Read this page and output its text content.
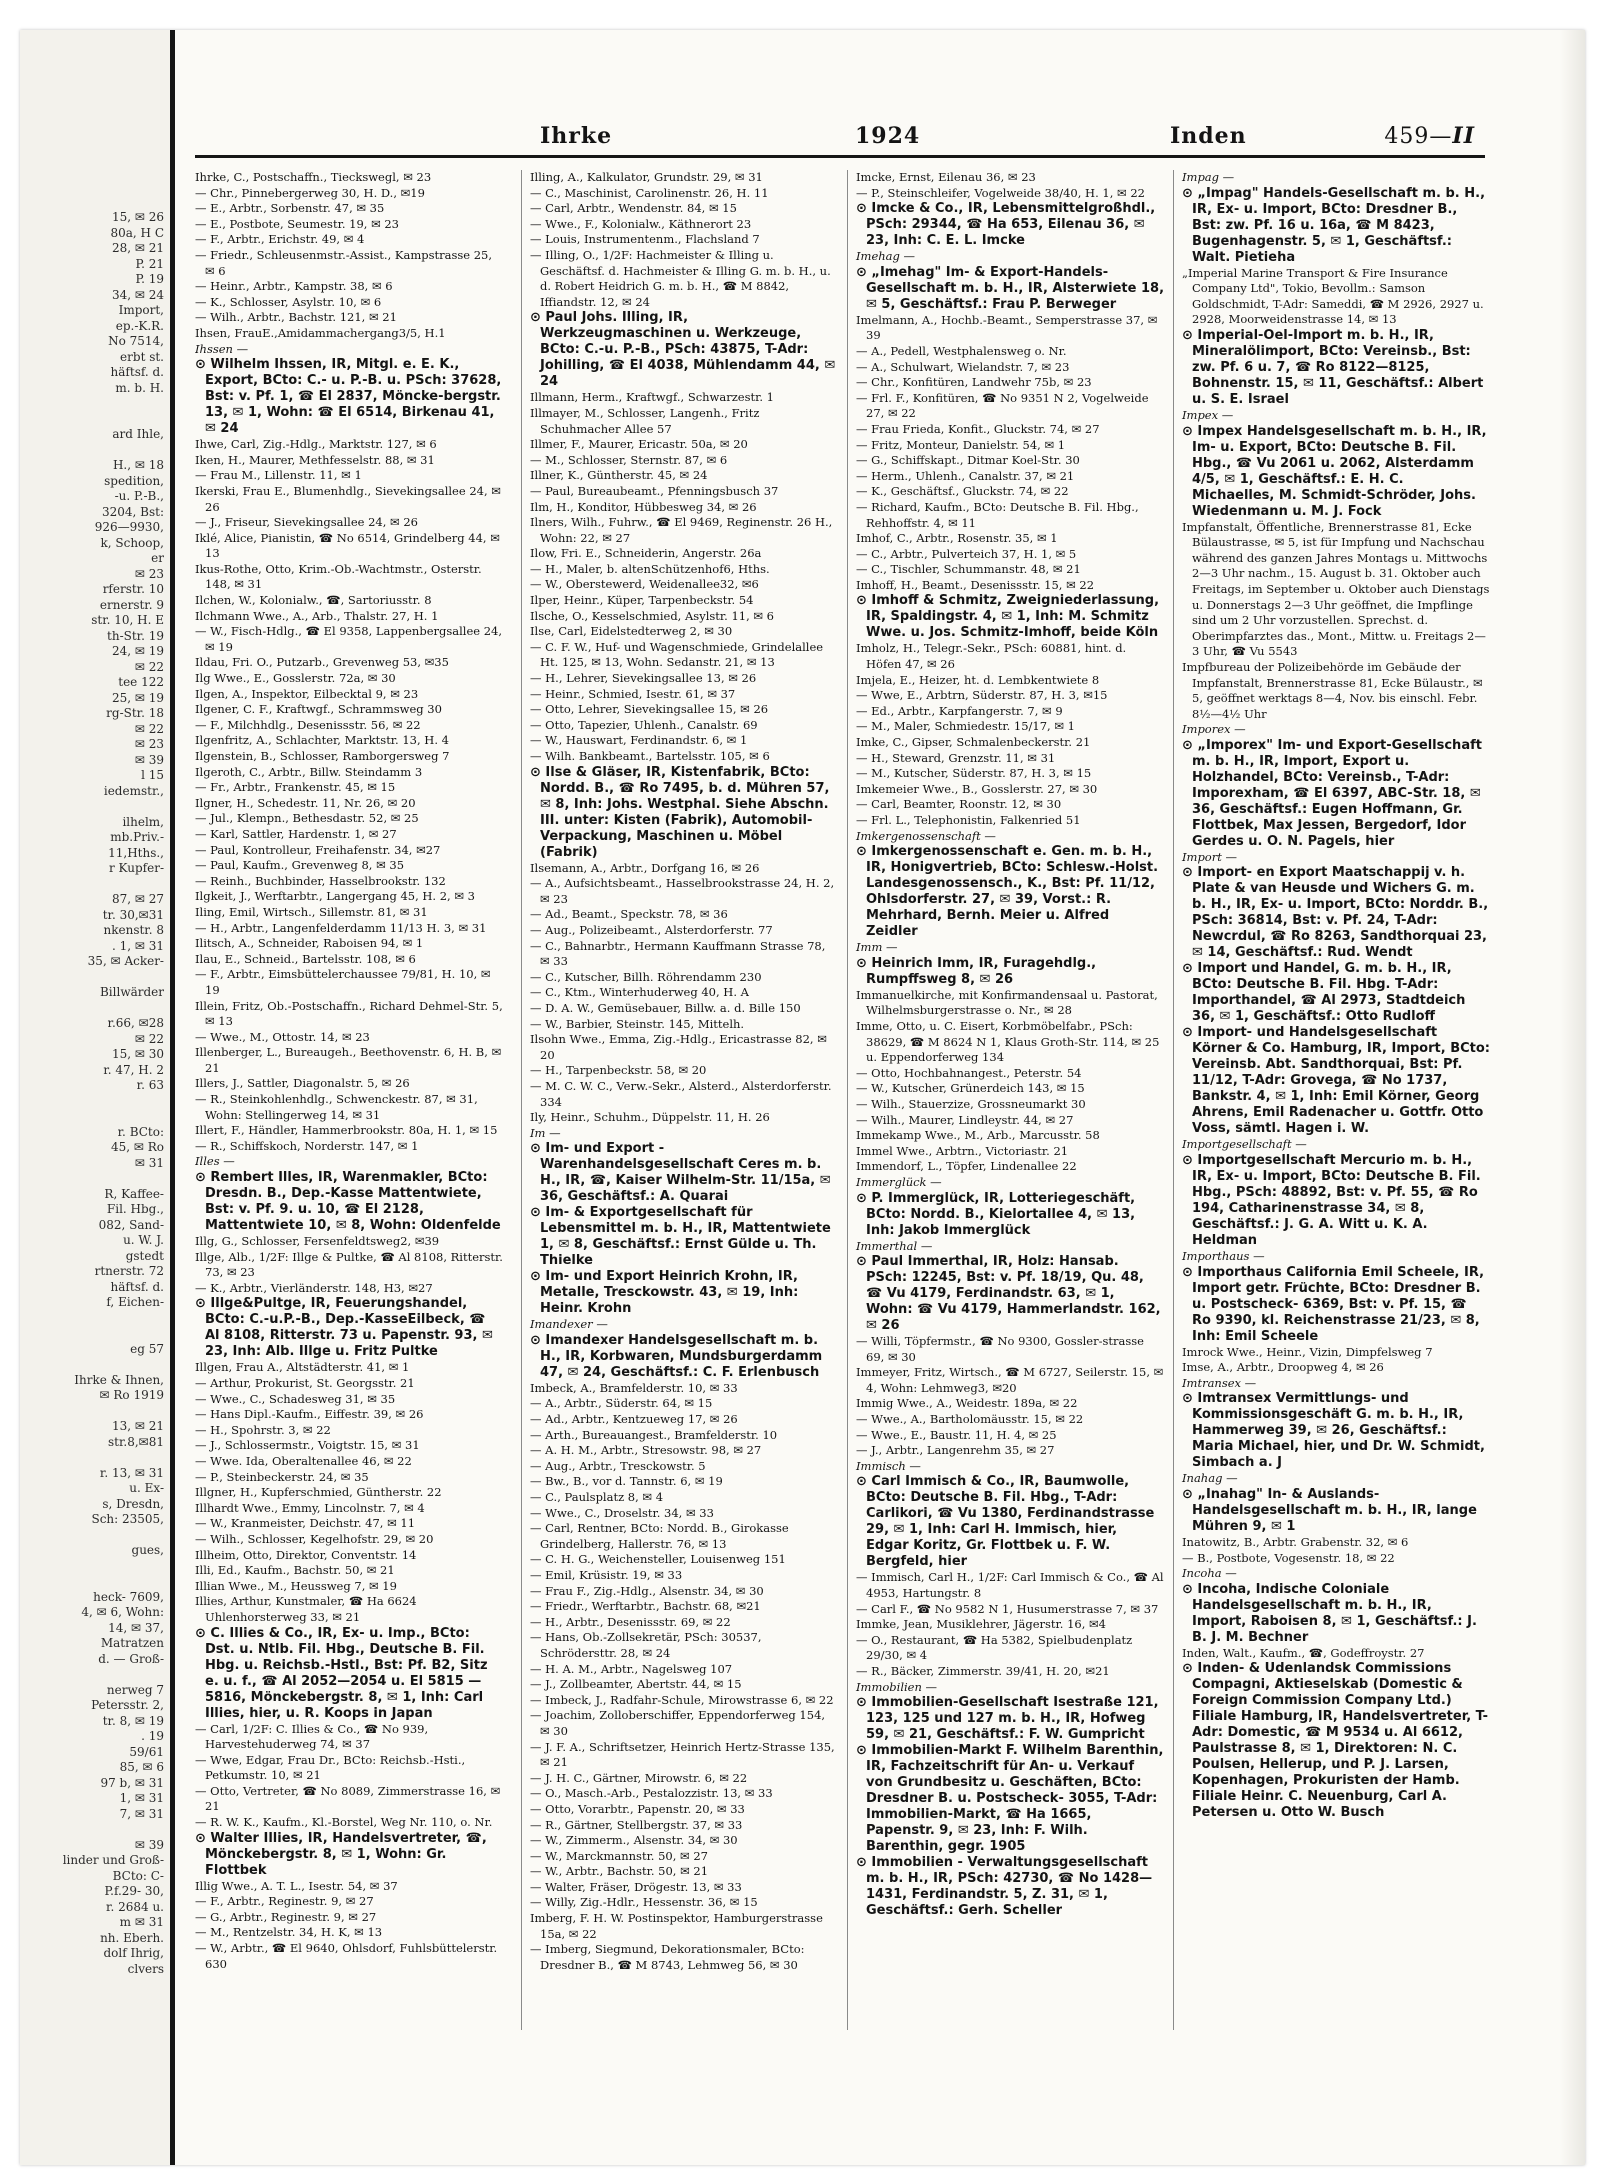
15, ✉ 26
80a, H C
28, ✉ 21
P. 21
P. 19
34, ✉ 24
Import,
ep.-K.R.
No 7514,
erbt st.
häftsf. d.
m. b. H.

ard Ihle,

H., ✉ 18
spedition,
-u. P.-B.,
3204, Bst:
926—9930,
k, Schoop,
er
✉ 23
rferstr. 10
ernerstr. 9
str. 10, H. E
th-Str. 19
24, ✉ 19
✉ 22
tee 122
25, ✉ 19
rg-Str. 18
✉ 22
✉ 23
✉ 39
l 15
iedemstr.,

ilhelm,
mb.Priv.-
11,Hths.,
r Kupfer-

87, ✉ 27
tr. 30,✉31
nkenstr. 8
. 1, ✉ 31
35, ✉ Acker-

Billwärder

r.66, ✉28
✉ 22
15, ✉ 30
r. 47, H. 2
r. 63

r. BCto:
45, ✉ Ro
✉ 31

R, Kaffee-
Fil. Hbg.,
082, Sand-
u. W. J.
gstedt
rtnerstr. 72
häftsf. d.
f, Eichen-

eg 57

Ihrke & Ihnen,
✉ Ro 1919

13, ✉ 21
str.8,✉81

r. 13, ✉ 31
u. Ex-
s, Dresdn,
Sch: 23505,

gues,

heck- 7609,
4, ✉ 6, Wohn:
14, ✉ 37,
Matratzen
d. — Groß-

nerweg 7
Petersstr. 2,
tr. 8, ✉ 19
. 19
59/61
85, ✉ 6
97 b, ✉ 31
1, ✉ 31
7, ✉ 31

✉ 39
linder und Groß-
BCto: C-
P.f.29- 30,
r. 2684 u.
m ✉ 31
nh. Eberh.
dolf Ihrig,
clvers
Ihrke	1924	Inden	459—II

Ihrke, C., Postschaffn., Tieckswegl, ✉ 23

— Chr., Pinnebergerweg 30, H. D., ✉19

— E., Arbtr., Sorbenstr. 47, ✉ 35

— E., Postbote, Seumestr. 19, ✉ 23

— F., Arbtr., Erichstr. 49, ✉ 4

— Friedr., Schleusenmstr.-Assist., Kampstrasse 25, ✉ 6

— Heinr., Arbtr., Kampstr. 38, ✉ 6

— K., Schlosser, Asylstr. 10, ✉ 6

— Wilh., Arbtr., Bachstr. 121, ✉ 21

Ihsen, FrauE.,Amidammachergang3/5, H.1

Ihssen —

⊙ Wilhelm Ihssen, IR, Mitgl. e. E. K., Export, BCto: C.- u. P.-B. u. PSch: 37628, Bst: v. Pf. 1, ☎ El 2837, Möncke-bergstr. 13, ✉ 1, Wohn: ☎ El 6514, Birkenau 41, ✉ 24

Ihwe, Carl, Zig.-Hdlg., Marktstr. 127, ✉ 6

Iken, H., Maurer, Methfesselstr. 88, ✉ 31

— Frau M., Lillenstr. 11, ✉ 1

Ikerski, Frau E., Blumenhdlg., Sievekingsallee 24, ✉ 26

— J., Friseur, Sievekingsallee 24, ✉ 26

Iklé, Alice, Pianistin, ☎ No 6514, Grindelberg 44, ✉ 13

Ikus-Rothe, Otto, Krim.-Ob.-Wachtmstr., Osterstr. 148, ✉ 31

Ilchen, W., Kolonialw., ☎, Sartoriusstr. 8

Ilchmann Wwe., A., Arb., Thalstr. 27, H. 1

— W., Fisch-Hdlg., ☎ El 9358, Lappenbergsallee 24, ✉ 19

Ildau, Fri. O., Putzarb., Grevenweg 53, ✉35

Ilg Wwe., E., Gosslerstr. 72a, ✉ 30

Ilgen, A., Inspektor, Eilbecktal 9, ✉ 23

Ilgener, C. F., Kraftwgf., Schrammsweg 30

— F., Milchhdlg., Desenissstr. 56, ✉ 22

Ilgenfritz, A., Schlachter, Marktstr. 13, H. 4

Ilgenstein, B., Schlosser, Ramborgersweg 7

Ilgeroth, C., Arbtr., Billw. Steindamm 3

— Fr., Arbtr., Frankenstr. 45, ✉ 15

Ilgner, H., Schedestr. 11, Nr. 26, ✉ 20

— Jul., Klempn., Bethesdastr. 52, ✉ 25

— Karl, Sattler, Hardenstr. 1, ✉ 27

— Paul, Kontrolleur, Freihafenstr. 34, ✉27

— Paul, Kaufm., Grevenweg 8, ✉ 35

— Reinh., Buchbinder, Hasselbrookstr. 132

Ilgkeit, J., Werftarbtr., Langergang 45, H. 2, ✉ 3

Iling, Emil, Wirtsch., Sillemstr. 81, ✉ 31

— H., Arbtr., Langenfelderdamm 11/13 H. 3, ✉ 31

Ilitsch, A., Schneider, Raboisen 94, ✉ 1

Ilau, E., Schneid., Bartelsstr. 108, ✉ 6

— F., Arbtr., Eimsbüttelerchaussee 79/81, H. 10, ✉ 19

Illein, Fritz, Ob.-Postschaffn., Richard Dehmel-Str. 5, ✉ 13

— Wwe., M., Ottostr. 14, ✉ 23

Illenberger, L., Bureaugeh., Beethovenstr. 6, H. B, ✉ 21

Illers, J., Sattler, Diagonalstr. 5, ✉ 26

— R., Steinkohlenhdlg., Schwenckestr. 87, ✉ 31, Wohn: Stellingerweg 14, ✉ 31

Illert, F., Händler, Hammerbrookstr. 80a, H. 1, ✉ 15

— R., Schiffskoch, Norderstr. 147, ✉ 1

Illes —

⊙ Rembert Illes, IR, Warenmakler, BCto: Dresdn. B., Dep.-Kasse Mattentwiete, Bst: v. Pf. 9. u. 10, ☎ El 2128, Mattentwiete 10, ✉ 8, Wohn: Oldenfelde

Illg, G., Schlosser, Fersenfeldtsweg2, ✉39

Illge, Alb., 1/2F: Illge & Pultke, ☎ Al 8108, Ritterstr. 73, ✉ 23

— K., Arbtr., Vierländerstr. 148, H3, ✉27

⊙ Illge&Pultge, IR, Feuerungshandel, BCto: C.-u.P.-B., Dep.-KasseEilbeck, ☎ Al 8108, Ritterstr. 73 u. Papenstr. 93, ✉ 23, Inh: Alb. Illge u. Fritz Pultke

Illgen, Frau A., Altstädterstr. 41, ✉ 1

— Arthur, Prokurist, St. Georgsstr. 21

— Wwe., C., Schadesweg 31, ✉ 35

— Hans Dipl.-Kaufm., Eiffestr. 39, ✉ 26

— H., Spohrstr. 3, ✉ 22

— J., Schlossermstr., Voigtstr. 15, ✉ 31

— Wwe. Ida, Oberaltenallee 46, ✉ 22

— P., Steinbeckerstr. 24, ✉ 35

Illgner, H., Kupferschmied, Güntherstr. 22

Illhardt Wwe., Emmy, Lincolnstr. 7, ✉ 4

— W., Kranmeister, Deichstr. 47, ✉ 11

— Wilh., Schlosser, Kegelhofstr. 29, ✉ 20

Illheim, Otto, Direktor, Conventstr. 14

Illi, Ed., Kaufm., Bachstr. 50, ✉ 21

Illian Wwe., M., Heussweg 7, ✉ 19

Illies, Arthur, Kunstmaler, ☎ Ha 6624 Uhlenhorsterweg 33, ✉ 21

⊙ C. Illies & Co., IR, Ex- u. Imp., BCto: Dst. u. Ntlb. Fil. Hbg., Deutsche B. Fil. Hbg. u. Reichsb.-Hstl., Bst: Pf. B2, Sitz e. u. f., ☎ Al 2052—2054 u. El 5815 —5816, Mönckebergstr. 8, ✉ 1, Inh: Carl Illies, hier, u. R. Koops in Japan

— Carl, 1/2F: C. Illies & Co., ☎ No 939, Harvestehuderweg 74, ✉ 37

— Wwe, Edgar, Frau Dr., BCto: Reichsb.-Hsti., Petkumstr. 10, ✉ 21

— Otto, Vertreter, ☎ No 8089, Zimmerstrasse 16, ✉ 21

— R. W. K., Kaufm., Kl.-Borstel, Weg Nr. 110, o. Nr.

⊙ Walter Illies, IR, Handelsvertreter, ☎, Mönckebergstr. 8, ✉ 1, Wohn: Gr. Flottbek

Illig Wwe., A. T. L., Isestr. 54, ✉ 37

— F., Arbtr., Reginestr. 9, ✉ 27

— G., Arbtr., Reginestr. 9, ✉ 27

— M., Rentzelstr. 34, H. K, ✉ 13

— W., Arbtr., ☎ El 9640, Ohlsdorf, Fuhlsbüttelerstr. 630

Illing, A., Kalkulator, Grundstr. 29, ✉ 31

— C., Maschinist, Carolinenstr. 26, H. 11

— Carl, Arbtr., Wendenstr. 84, ✉ 15

— Wwe., F., Kolonialw., Käthnerort 23

— Louis, Instrumentenm., Flachsland 7

— Illing, O., 1/2F: Hachmeister & Illing u. Geschäftsf. d. Hachmeister & Illing G. m. b. H., u. d. Robert Heidrich G. m. b. H., ☎ M 8842, Iffiandstr. 12, ✉ 24

⊙ Paul Johs. Illing, IR, Werkzeugmaschinen u. Werkzeuge, BCto: C.-u. P.-B., PSch: 43875, T-Adr: Johilling, ☎ El 4038, Mühlendamm 44, ✉ 24

Illmann, Herm., Kraftwgf., Schwarzestr. 1

Illmayer, M., Schlosser, Langenh., Fritz Schuhmacher Allee 57

Illmer, F., Maurer, Ericastr. 50a, ✉ 20

— M., Schlosser, Sternstr. 87, ✉ 6

Illner, K., Güntherstr. 45, ✉ 24

— Paul, Bureaubeamt., Pfenningsbusch 37

Ilm, H., Konditor, Hübbesweg 34, ✉ 26

Ilners, Wilh., Fuhrw., ☎ El 9469, Reginenstr. 26 H., Wohn: 22, ✉ 27

Ilow, Fri. E., Schneiderin, Angerstr. 26a

— H., Maler, b. altenSchützenhof6, Hths.

— W., Oberstewerd, Weidenallee32, ✉6

Ilper, Heinr., Küper, Tarpenbeckstr. 54

Ilsche, O., Kesselschmied, Asylstr. 11, ✉ 6

Ilse, Carl, Eidelstedterweg 2, ✉ 30

— C. F. W., Huf- und Wagenschmiede, Grindelallee Ht. 125, ✉ 13, Wohn. Sedanstr. 21, ✉ 13

— H., Lehrer, Sievekingsallee 13, ✉ 26

— Heinr., Schmied, Isestr. 61, ✉ 37

— Otto, Lehrer, Sievekingsallee 15, ✉ 26

— Otto, Tapezier, Uhlenh., Canalstr. 69

— W., Hauswart, Ferdinandstr. 6, ✉ 1

— Wilh. Bankbeamt., Bartelsstr. 105, ✉ 6

⊙ Ilse & Gläser, IR, Kistenfabrik, BCto: Nordd. B., ☎ Ro 7495, b. d. Mühren 57, ✉ 8, Inh: Johs. Westphal. Siehe Abschn. III. unter: Kisten (Fabrik), Automobil-Verpackung, Maschinen u. Möbel (Fabrik)

Ilsemann, A., Arbtr., Dorfgang 16, ✉ 26

— A., Aufsichtsbeamt., Hasselbrookstrasse 24, H. 2, ✉ 23

— Ad., Beamt., Speckstr. 78, ✉ 36

— Aug., Polizeibeamt., Alsterdorferstr. 77

— C., Bahnarbtr., Hermann Kauffmann Strasse 78, ✉ 33

— C., Kutscher, Billh. Röhrendamm 230

— C., Ktm., Winterhuderweg 40, H. A

— D. A. W., Gemüsebauer, Billw. a. d. Bille 150

— W., Barbier, Steinstr. 145, Mittelh.

Ilsohn Wwe., Emma, Zig.-Hdlg., Ericastrasse 82, ✉ 20

— H., Tarpenbeckstr. 58, ✉ 20

— M. C. W. C., Verw.-Sekr., Alsterd., Alsterdorferstr. 334

Ily, Heinr., Schuhm., Düppelstr. 11, H. 26

Im —

⊙ Im- und Export - Warenhandelsgesellschaft Ceres m. b. H., IR, ☎, Kaiser Wilhelm-Str. 11/15a, ✉ 36, Geschäftsf.: A. Quarai

⊙ Im- & Exportgesellschaft für Lebensmittel m. b. H., IR, Mattentwiete 1, ✉ 8, Geschäftsf.: Ernst Gülde u. Th. Thielke

⊙ Im- und Export Heinrich Krohn, IR, Metalle, Tresckowstr. 43, ✉ 19, Inh: Heinr. Krohn

Imandexer —

⊙ Imandexer Handelsgesellschaft m. b. H., IR, Korbwaren, Mundsburgerdamm 47, ✉ 24, Geschäftsf.: C. F. Erlenbusch

Imbeck, A., Bramfelderstr. 10, ✉ 33

— A., Arbtr., Süderstr. 64, ✉ 15

— Ad., Arbtr., Kentzueweg 17, ✉ 26

— Arth., Bureauangest., Bramfelderstr. 10

— A. H. M., Arbtr., Stresowstr. 98, ✉ 27

— Aug., Arbtr., Tresckowstr. 5

— Bw., B., vor d. Tannstr. 6, ✉ 19

— C., Paulsplatz 8, ✉ 4

— Wwe., C., Droselstr. 34, ✉ 33

— Carl, Rentner, BCto: Nordd. B., Girokasse Grindelberg, Hallerstr. 76, ✉ 13

— C. H. G., Weichensteller, Louisenweg 151

— Emil, Krüsistr. 19, ✉ 33

— Frau F., Zig.-Hdlg., Alsenstr. 34, ✉ 30

— Friedr., Werftarbtr., Bachstr. 68, ✉21

— H., Arbtr., Desenissstr. 69, ✉ 22

— Hans, Ob.-Zollsekretär, PSch: 30537, Schrödersttr. 28, ✉ 24

— H. A. M., Arbtr., Nagelsweg 107

— J., Zollbeamter, Abertstr. 44, ✉ 15

— Imbeck, J., Radfahr-Schule, Mirowstrasse 6, ✉ 22

— Joachim, Zolloberschiffer, Eppendorferweg 154, ✉ 30

— J. F. A., Schriftsetzer, Heinrich Hertz-Strasse 135, ✉ 21

— J. H. C., Gärtner, Mirowstr. 6, ✉ 22

— O., Masch.-Arb., Pestalozzistr. 13, ✉ 33

— Otto, Vorarbtr., Papenstr. 20, ✉ 33

— R., Gärtner, Stellbergstr. 37, ✉ 33

— W., Zimmerm., Alsenstr. 34, ✉ 30

— W., Marckmannstr. 50, ✉ 27

— W., Arbtr., Bachstr. 50, ✉ 21

— Walter, Fräser, Drögestr. 13, ✉ 33

— Willy, Zig.-Hdlr., Hessenstr. 36, ✉ 15

Imberg, F. H. W. Postinspektor, Hamburgerstrasse 15a, ✉ 22

— Imberg, Siegmund, Dekorationsmaler, BCto: Dresdner B., ☎ M 8743, Lehmweg 56, ✉ 30

Imcke, Ernst, Eilenau 36, ✉ 23

— P., Steinschleifer, Vogelweide 38/40, H. 1, ✉ 22

⊙ Imcke & Co., IR, Lebensmittelgroßhdl., PSch: 29344, ☎ Ha 653, Eilenau 36, ✉ 23, Inh: C. E. L. Imcke

Imehag —

⊙ „Imehag" Im- & Export-Handels-Gesellschaft m. b. H., IR, Alsterwiete 18, ✉ 5, Geschäftsf.: Frau P. Berweger

Imelmann, A., Hochb.-Beamt., Semperstrasse 37, ✉ 39

— A., Pedell, Westphalensweg o. Nr.

— A., Schulwart, Wielandstr. 7, ✉ 23

— Chr., Konfitüren, Landwehr 75b, ✉ 23

— Frl. F., Konfitüren, ☎ No 9351 N 2, Vogelweide 27, ✉ 22

— Frau Frieda, Konfit., Gluckstr. 74, ✉ 27

— Fritz, Monteur, Danielstr. 54, ✉ 1

— G., Schiffskapt., Ditmar Koel-Str. 30

— Herm., Uhlenh., Canalstr. 37, ✉ 21

— K., Geschäftsf., Gluckstr. 74, ✉ 22

— Richard, Kaufm., BCto: Deutsche B. Fil. Hbg., Rehhoffstr. 4, ✉ 11

Imhof, C., Arbtr., Rosenstr. 35, ✉ 1

— C., Arbtr., Pulverteich 37, H. 1, ✉ 5

— C., Tischler, Schummanstr. 48, ✉ 21

Imhoff, H., Beamt., Desenissstr. 15, ✉ 22

⊙ Imhoff & Schmitz, Zweigniederlassung, IR, Spaldingstr. 4, ✉ 1, Inh: M. Schmitz Wwe. u. Jos. Schmitz-Imhoff, beide Köln

Imholz, H., Telegr.-Sekr., PSch: 60881, hint. d. Höfen 47, ✉ 26

Imjela, E., Heizer, ht. d. Lembkentwiete 8

— Wwe, E., Arbtrn, Süderstr. 87, H. 3, ✉15

— Ed., Arbtr., Karpfangerstr. 7, ✉ 9

— M., Maler, Schmiedestr. 15/17, ✉ 1

Imke, C., Gipser, Schmalenbeckerstr. 21

— H., Steward, Grenzstr. 11, ✉ 31

— M., Kutscher, Süderstr. 87, H. 3, ✉ 15

Imkemeier Wwe., B., Gosslerstr. 27, ✉ 30

— Carl, Beamter, Roonstr. 12, ✉ 30

— Frl. L., Telephonistin, Falkenried 51

Imkergenossenschaft —

⊙ Imkergenossenschaft e. Gen. m. b. H., IR, Honigvertrieb, BCto: Schlesw.-Holst. Landesgenossensch., K., Bst: Pf. 11/12, Ohlsdorferstr. 27, ✉ 39, Vorst.: R. Mehrhard, Bernh. Meier u. Alfred Zeidler

Imm —

⊙ Heinrich Imm, IR, Furagehdlg., Rumpffsweg 8, ✉ 26

Immanuelkirche, mit Konfirmandensaal u. Pastorat, Wilhelmsburgerstrasse o. Nr., ✉ 28

Imme, Otto, u. C. Eisert, Korbmöbelfabr., PSch: 38629, ☎ M 8624 N 1, Klaus Groth-Str. 114, ✉ 25 u. Eppendorferweg 134

— Otto, Hochbahnangest., Peterstr. 54

— W., Kutscher, Grünerdeich 143, ✉ 15

— Wilh., Stauerzize, Grossneumarkt 30

— Wilh., Maurer, Lindleystr. 44, ✉ 27

Immekamp Wwe., M., Arb., Marcusstr. 58

Immel Wwe., Arbtrn., Victoriastr. 21

Immendorf, L., Töpfer, Lindenallee 22

Immerglück —

⊙ P. Immerglück, IR, Lotteriegeschäft, BCto: Nordd. B., Kielortallee 4, ✉ 13, Inh: Jakob Immerglück

Immerthal —

⊙ Paul Immerthal, IR, Holz: Hansab. PSch: 12245, Bst: v. Pf. 18/19, Qu. 48, ☎ Vu 4179, Ferdinandstr. 63, ✉ 1, Wohn: ☎ Vu 4179, Hammerlandstr. 162, ✉ 26

— Willi, Töpfermstr., ☎ No 9300, Gossler-strasse 69, ✉ 30

Immeyer, Fritz, Wirtsch., ☎ M 6727, Seilerstr. 15, ✉ 4, Wohn: Lehmweg3, ✉20

Immig Wwe., A., Weidestr. 189a, ✉ 22

— Wwe., A., Bartholomäusstr. 15, ✉ 22

— Wwe., E., Baustr. 11, H. 4, ✉ 25

— J., Arbtr., Langenrehm 35, ✉ 27

Immisch —

⊙ Carl Immisch & Co., IR, Baumwolle, BCto: Deutsche B. Fil. Hbg., T-Adr: Carlikori, ☎ Vu 1380, Ferdinandstrasse 29, ✉ 1, Inh: Carl H. Immisch, hier, Edgar Koritz, Gr. Flottbek u. F. W. Bergfeld, hier

— Immisch, Carl H., 1/2F: Carl Immisch & Co., ☎ Al 4953, Hartungstr. 8

— Carl F., ☎ No 9582 N 1, Husumerstrasse 7, ✉ 37

Immke, Jean, Musiklehrer, Jägerstr. 16, ✉4

— O., Restaurant, ☎ Ha 5382, Spielbudenplatz 29/30, ✉ 4

— R., Bäcker, Zimmerstr. 39/41, H. 20, ✉21

Immobilien —

⊙ Immobilien-Gesellschaft Isestraße 121, 123, 125 und 127 m. b. H., IR, Hofweg 59, ✉ 21, Geschäftsf.: F. W. Gumpricht

⊙ Immobilien-Markt F. Wilhelm Barenthin, IR, Fachzeitschrift für An- u. Verkauf von Grundbesitz u. Geschäften, BCto: Dresdner B. u. Postscheck- 3055, T-Adr: Immobilien-Markt, ☎ Ha 1665, Papenstr. 9, ✉ 23, Inh: F. Wilh. Barenthin, gegr. 1905

⊙ Immobilien - Verwaltungsgesellschaft m. b. H., IR, PSch: 42730, ☎ No 1428—1431, Ferdinandstr. 5, Z. 31, ✉ 1, Geschäftsf.: Gerh. Scheller

Impag —

⊙ „Impag" Handels-Gesellschaft m. b. H., IR, Ex- u. Import, BCto: Dresdner B., Bst: zw. Pf. 16 u. 16a, ☎ M 8423, Bugenhagenstr. 5, ✉ 1, Geschäftsf.: Walt. Pietieha

„Imperial Marine Transport & Fire Insurance Company Ltd", Tokio, Bevollm.: Samson Goldschmidt, T-Adr: Sameddi, ☎ M 2926, 2927 u. 2928, Moorweidenstrasse 14, ✉ 13

⊙ Imperial-Oel-Import m. b. H., IR, Mineralölimport, BCto: Vereinsb., Bst: zw. Pf. 6 u. 7, ☎ Ro 8122—8125, Bohnenstr. 15, ✉ 11, Geschäftsf.: Albert u. S. E. Israel

Impex —

⊙ Impex Handelsgesellschaft m. b. H., IR, Im- u. Export, BCto: Deutsche B. Fil. Hbg., ☎ Vu 2061 u. 2062, Alsterdamm 4/5, ✉ 1, Geschäftsf.: E. H. C. Michaelles, M. Schmidt-Schröder, Johs. Wiedenmann u. M. J. Fock

Impfanstalt, Öffentliche, Brennerstrasse 81, Ecke Bülaustrasse, ✉ 5, ist für Impfung und Nachschau während des ganzen Jahres Montags u. Mittwochs 2—3 Uhr nachm., 15. August b. 31. Oktober auch Freitags, im September u. Oktober auch Dienstags u. Donnerstags 2—3 Uhr geöffnet, die Impflinge sind um 2 Uhr vorzustellen. Sprechst. d. Oberimpfarztes das., Mont., Mittw. u. Freitags 2—3 Uhr, ☎ Vu 5543

Impfbureau der Polizeibehörde im Gebäude der Impfanstalt, Brennerstrasse 81, Ecke Bülaustr., ✉ 5, geöffnet werktags 8—4, Nov. bis einschl. Febr. 8½—4½ Uhr

Imporex —

⊙ „Imporex" Im- und Export-Gesellschaft m. b. H., IR, Import, Export u. Holzhandel, BCto: Vereinsb., T-Adr: Imporexham, ☎ El 6397, ABC-Str. 18, ✉ 36, Geschäftsf.: Eugen Hoffmann, Gr. Flottbek, Max Jessen, Bergedorf, Idor Gerdes u. O. N. Pagels, hier

Import —

⊙ Import- en Export Maatschappij v. h. Plate & van Heusde und Wichers G. m. b. H., IR, Ex- u. Import, BCto: Norddr. B., PSch: 36814, Bst: v. Pf. 24, T-Adr: Newcrdul, ☎ Ro 8263, Sandthorquai 23, ✉ 14, Geschäftsf.: Rud. Wendt

⊙ Import und Handel, G. m. b. H., IR, BCto: Deutsche B. Fil. Hbg. T-Adr: Importhandel, ☎ Al 2973, Stadtdeich 36, ✉ 1, Geschäftsf.: Otto Rudloff

⊙ Import- und Handelsgesellschaft Körner & Co. Hamburg, IR, Import, BCto: Vereinsb. Abt. Sandthorquai, Bst: Pf. 11/12, T-Adr: Grovega, ☎ No 1737, Bankstr. 4, ✉ 1, Inh: Emil Körner, Georg Ahrens, Emil Radenacher u. Gottfr. Otto Voss, sämtl. Hagen i. W.

Importgesellschaft —

⊙ Importgesellschaft Mercurio m. b. H., IR, Ex- u. Import, BCto: Deutsche B. Fil. Hbg., PSch: 48892, Bst: v. Pf. 55, ☎ Ro 194, Catharinenstrasse 34, ✉ 8, Geschäftsf.: J. G. A. Witt u. K. A. Heldman

Importhaus —

⊙ Importhaus California Emil Scheele, IR, Import getr. Früchte, BCto: Dresdner B. u. Postscheck- 6369, Bst: v. Pf. 15, ☎ Ro 9390, kl. Reichenstrasse 21/23, ✉ 8, Inh: Emil Scheele

Imrock Wwe., Heinr., Vizin, Dimpfelsweg 7

Imse, A., Arbtr., Droopweg 4, ✉ 26

Imtransex —

⊙ Imtransex Vermittlungs- und Kommissionsgeschäft G. m. b. H., IR, Hammerweg 39, ✉ 26, Geschäftsf.: Maria Michael, hier, und Dr. W. Schmidt, Simbach a. J

Inahag —

⊙ „Inahag" In- & Auslands-Handelsgesellschaft m. b. H., IR, lange Mühren 9, ✉ 1

Inatowitz, B., Arbtr. Grabenstr. 32, ✉ 6

— B., Postbote, Vogesenstr. 18, ✉ 22

Incoha —

⊙ Incoha, Indische Coloniale Handelsgesellschaft m. b. H., IR, Import, Raboisen 8, ✉ 1, Geschäftsf.: J. B. J. M. Bechner

Inden, Walt., Kaufm., ☎, Godeffroystr. 27

⊙ Inden- & Udenlandsk Commissions Compagni, Aktieselskab (Domestic & Foreign Commission Company Ltd.) Filiale Hamburg, IR, Handelsvertreter, T-Adr: Domestic, ☎ M 9534 u. Al 6612, Paulstrasse 8, ✉ 1, Direktoren: N. C. Poulsen, Hellerup, und P. J. Larsen, Kopenhagen, Prokuristen der Hamb. Filiale Heinr. C. Neuenburg, Carl A. Petersen u. Otto W. Busch
